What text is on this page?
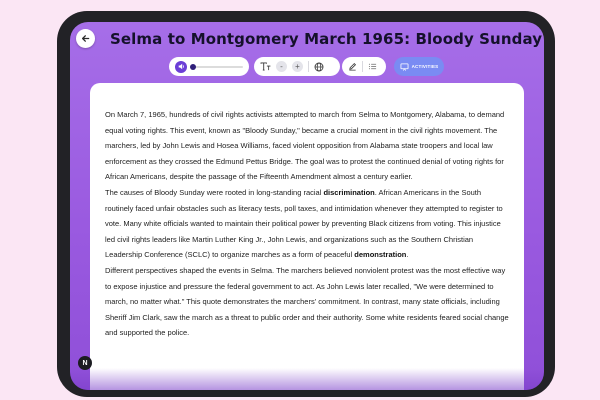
Selma to Montgomery March 1965: Bloody Sunday
-	+	ACTIVITIES

On March 7, 1965, hundreds of civil rights activists attempted to march from Selma to Montgomery, Alabama, to demand equal voting rights. This event, known as "Bloody Sunday," became a crucial moment in the civil rights movement. The marchers, led by John Lewis and Hosea Williams, faced violent opposition from Alabama state troopers and local law enforcement as they crossed the Edmund Pettus Bridge. The goal was to protest the continued denial of voting rights for African Americans, despite the passage of the Fifteenth Amendment almost a century earlier.

The causes of Bloody Sunday were rooted in long-standing racial discrimination. African Americans in the South routinely faced unfair obstacles such as literacy tests, poll taxes, and intimidation whenever they attempted to register to vote. Many white officials wanted to maintain their political power by preventing Black citizens from voting. This injustice led civil rights leaders like Martin Luther King Jr., John Lewis, and organizations such as the Southern Christian Leadership Conference (SCLC) to organize marches as a form of peaceful demonstration.

Different perspectives shaped the events in Selma. The marchers believed nonviolent protest was the most effective way to expose injustice and pressure the federal government to act. As John Lewis later recalled, "We were determined to march, no matter what." This quote demonstrates the marchers' commitment. In contrast, many state officials, including Sheriff Jim Clark, saw the march as a threat to public order and their authority. Some white residents feared social change and supported the police.

N
